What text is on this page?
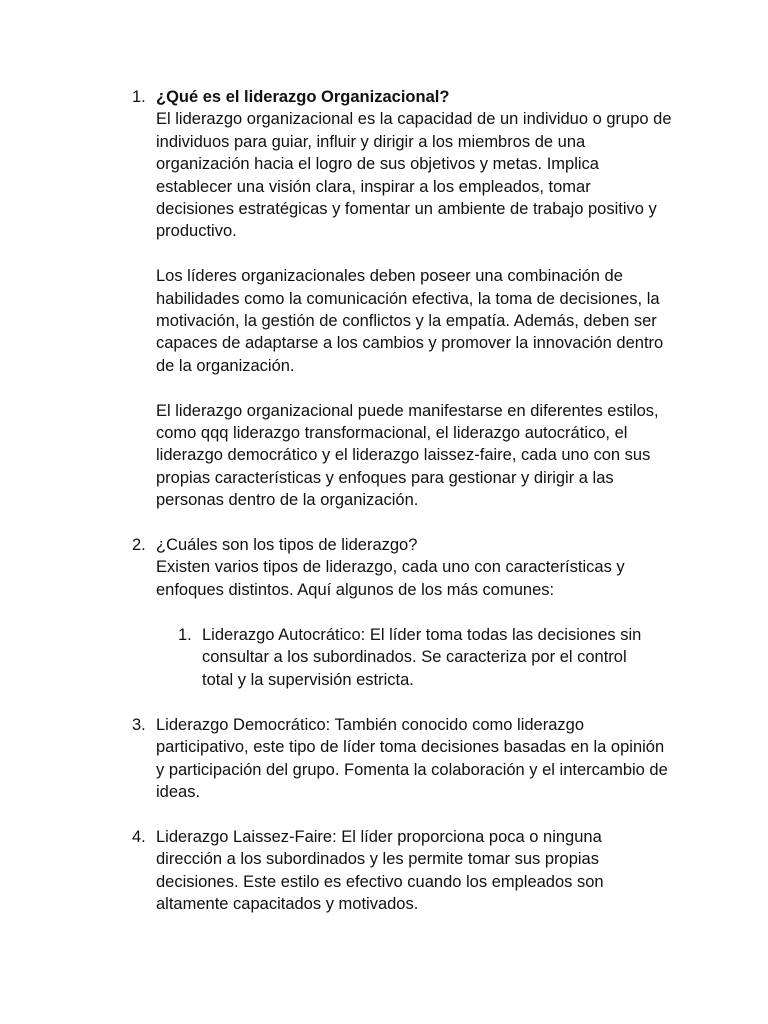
1. ¿Qué es el liderazgo Organizacional?

El liderazgo organizacional es la capacidad de un individuo o grupo de individuos para guiar, influir y dirigir a los miembros de una organización hacia el logro de sus objetivos y metas. Implica establecer una visión clara, inspirar a los empleados, tomar decisiones estratégicas y fomentar un ambiente de trabajo positivo y productivo.

Los líderes organizacionales deben poseer una combinación de habilidades como la comunicación efectiva, la toma de decisiones, la motivación, la gestión de conflictos y la empatía. Además, deben ser capaces de adaptarse a los cambios y promover la innovación dentro de la organización.

El liderazgo organizacional puede manifestarse en diferentes estilos, como qqq liderazgo transformacional, el liderazgo autocrático, el liderazgo democrático y el liderazgo laissez-faire, cada uno con sus propias características y enfoques para gestionar y dirigir a las personas dentro de la organización.

2. ¿Cuáles son los tipos de liderazgo?

Existen varios tipos de liderazgo, cada uno con características y enfoques distintos. Aquí algunos de los más comunes:

1. Liderazgo Autocrático: El líder toma todas las decisiones sin consultar a los subordinados. Se caracteriza por el control total y la supervisión estricta.

3. Liderazgo Democrático: También conocido como liderazgo participativo, este tipo de líder toma decisiones basadas en la opinión y participación del grupo. Fomenta la colaboración y el intercambio de ideas.

4. Liderazgo Laissez-Faire: El líder proporciona poca o ninguna dirección a los subordinados y les permite tomar sus propias decisiones. Este estilo es efectivo cuando los empleados son altamente capacitados y motivados.
